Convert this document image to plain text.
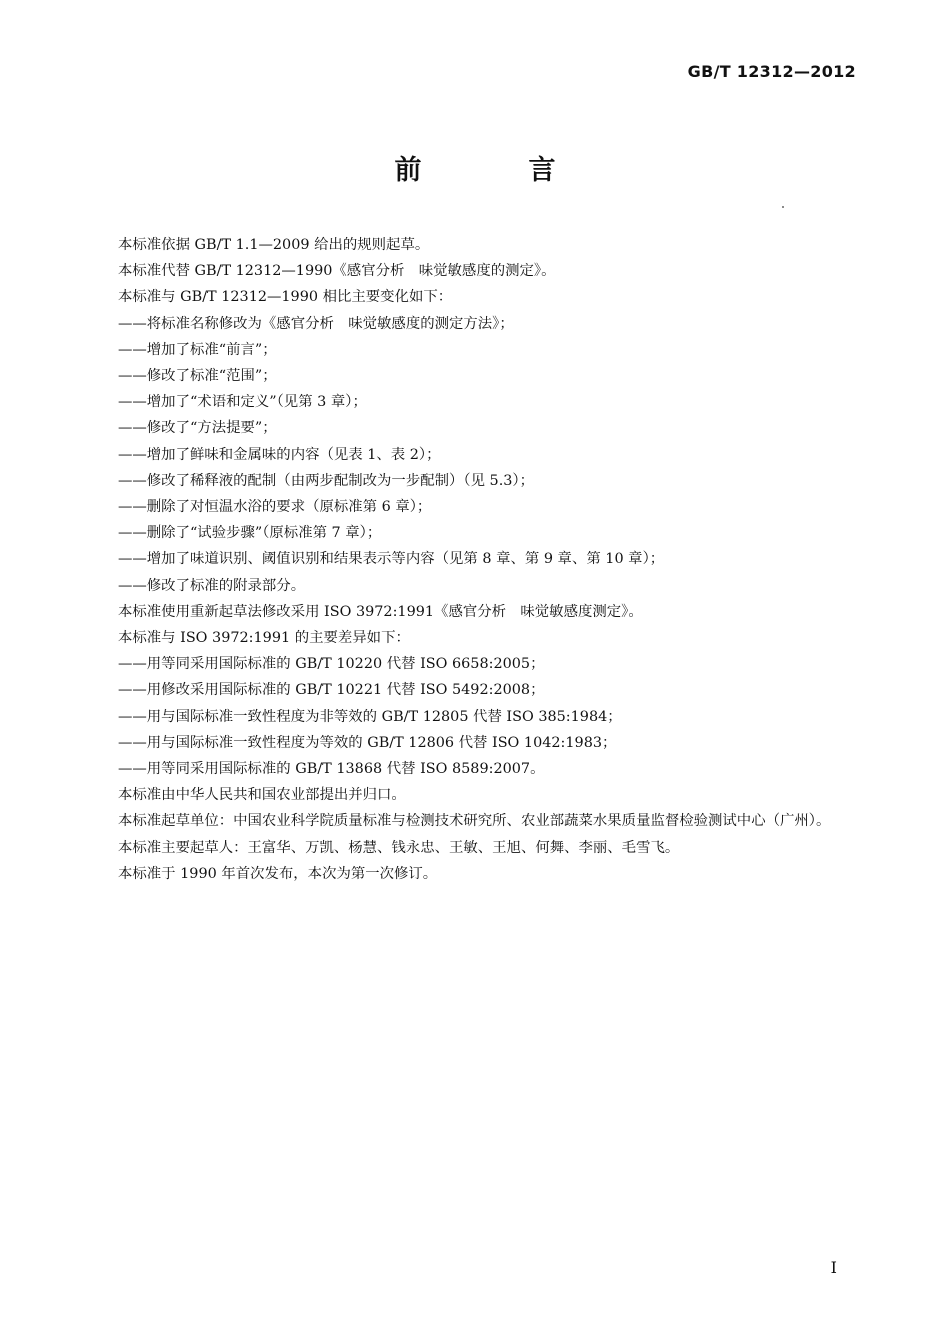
GB/T 12312—2012
前　言

本标准依据 GB/T 1.1—2009 给出的规则起草。

本标准代替 GB/T 12312—1990《感官分析　味觉敏感度的测定》。

本标准与 GB/T 12312—1990 相比主要变化如下：

——将标准名称修改为《感官分析　味觉敏感度的测定方法》；

——增加了标准“前言”；

——修改了标准“范围”；

——增加了“术语和定义”（见第 3 章）；

——修改了“方法提要”；

——增加了鲜味和金属味的内容（见表 1、表 2）；

——修改了稀释液的配制（由两步配制改为一步配制）（见 5.3）；

——删除了对恒温水浴的要求（原标准第 6 章）；

——删除了“试验步骤”（原标准第 7 章）；

——增加了味道识别、阈值识别和结果表示等内容（见第 8 章、第 9 章、第 10 章）；

——修改了标准的附录部分。

本标准使用重新起草法修改采用 ISO 3972:1991《感官分析　味觉敏感度测定》。

本标准与 ISO 3972:1991 的主要差异如下：

——用等同采用国际标准的 GB/T 10220 代替 ISO 6658:2005；

——用修改采用国际标准的 GB/T 10221 代替 ISO 5492:2008；

——用与国际标准一致性程度为非等效的 GB/T 12805 代替 ISO 385:1984；

——用与国际标准一致性程度为等效的 GB/T 12806 代替 ISO 1042:1983；

——用等同采用国际标准的 GB/T 13868 代替 ISO 8589:2007。

本标准由中华人民共和国农业部提出并归口。

本标准起草单位：中国农业科学院质量标准与检测技术研究所、农业部蔬菜水果质量监督检验测试中心（广州）。

本标准主要起草人：王富华、万凯、杨慧、钱永忠、王敏、王旭、何舞、李丽、毛雪飞。

本标准于 1990 年首次发布，本次为第一次修订。

I
